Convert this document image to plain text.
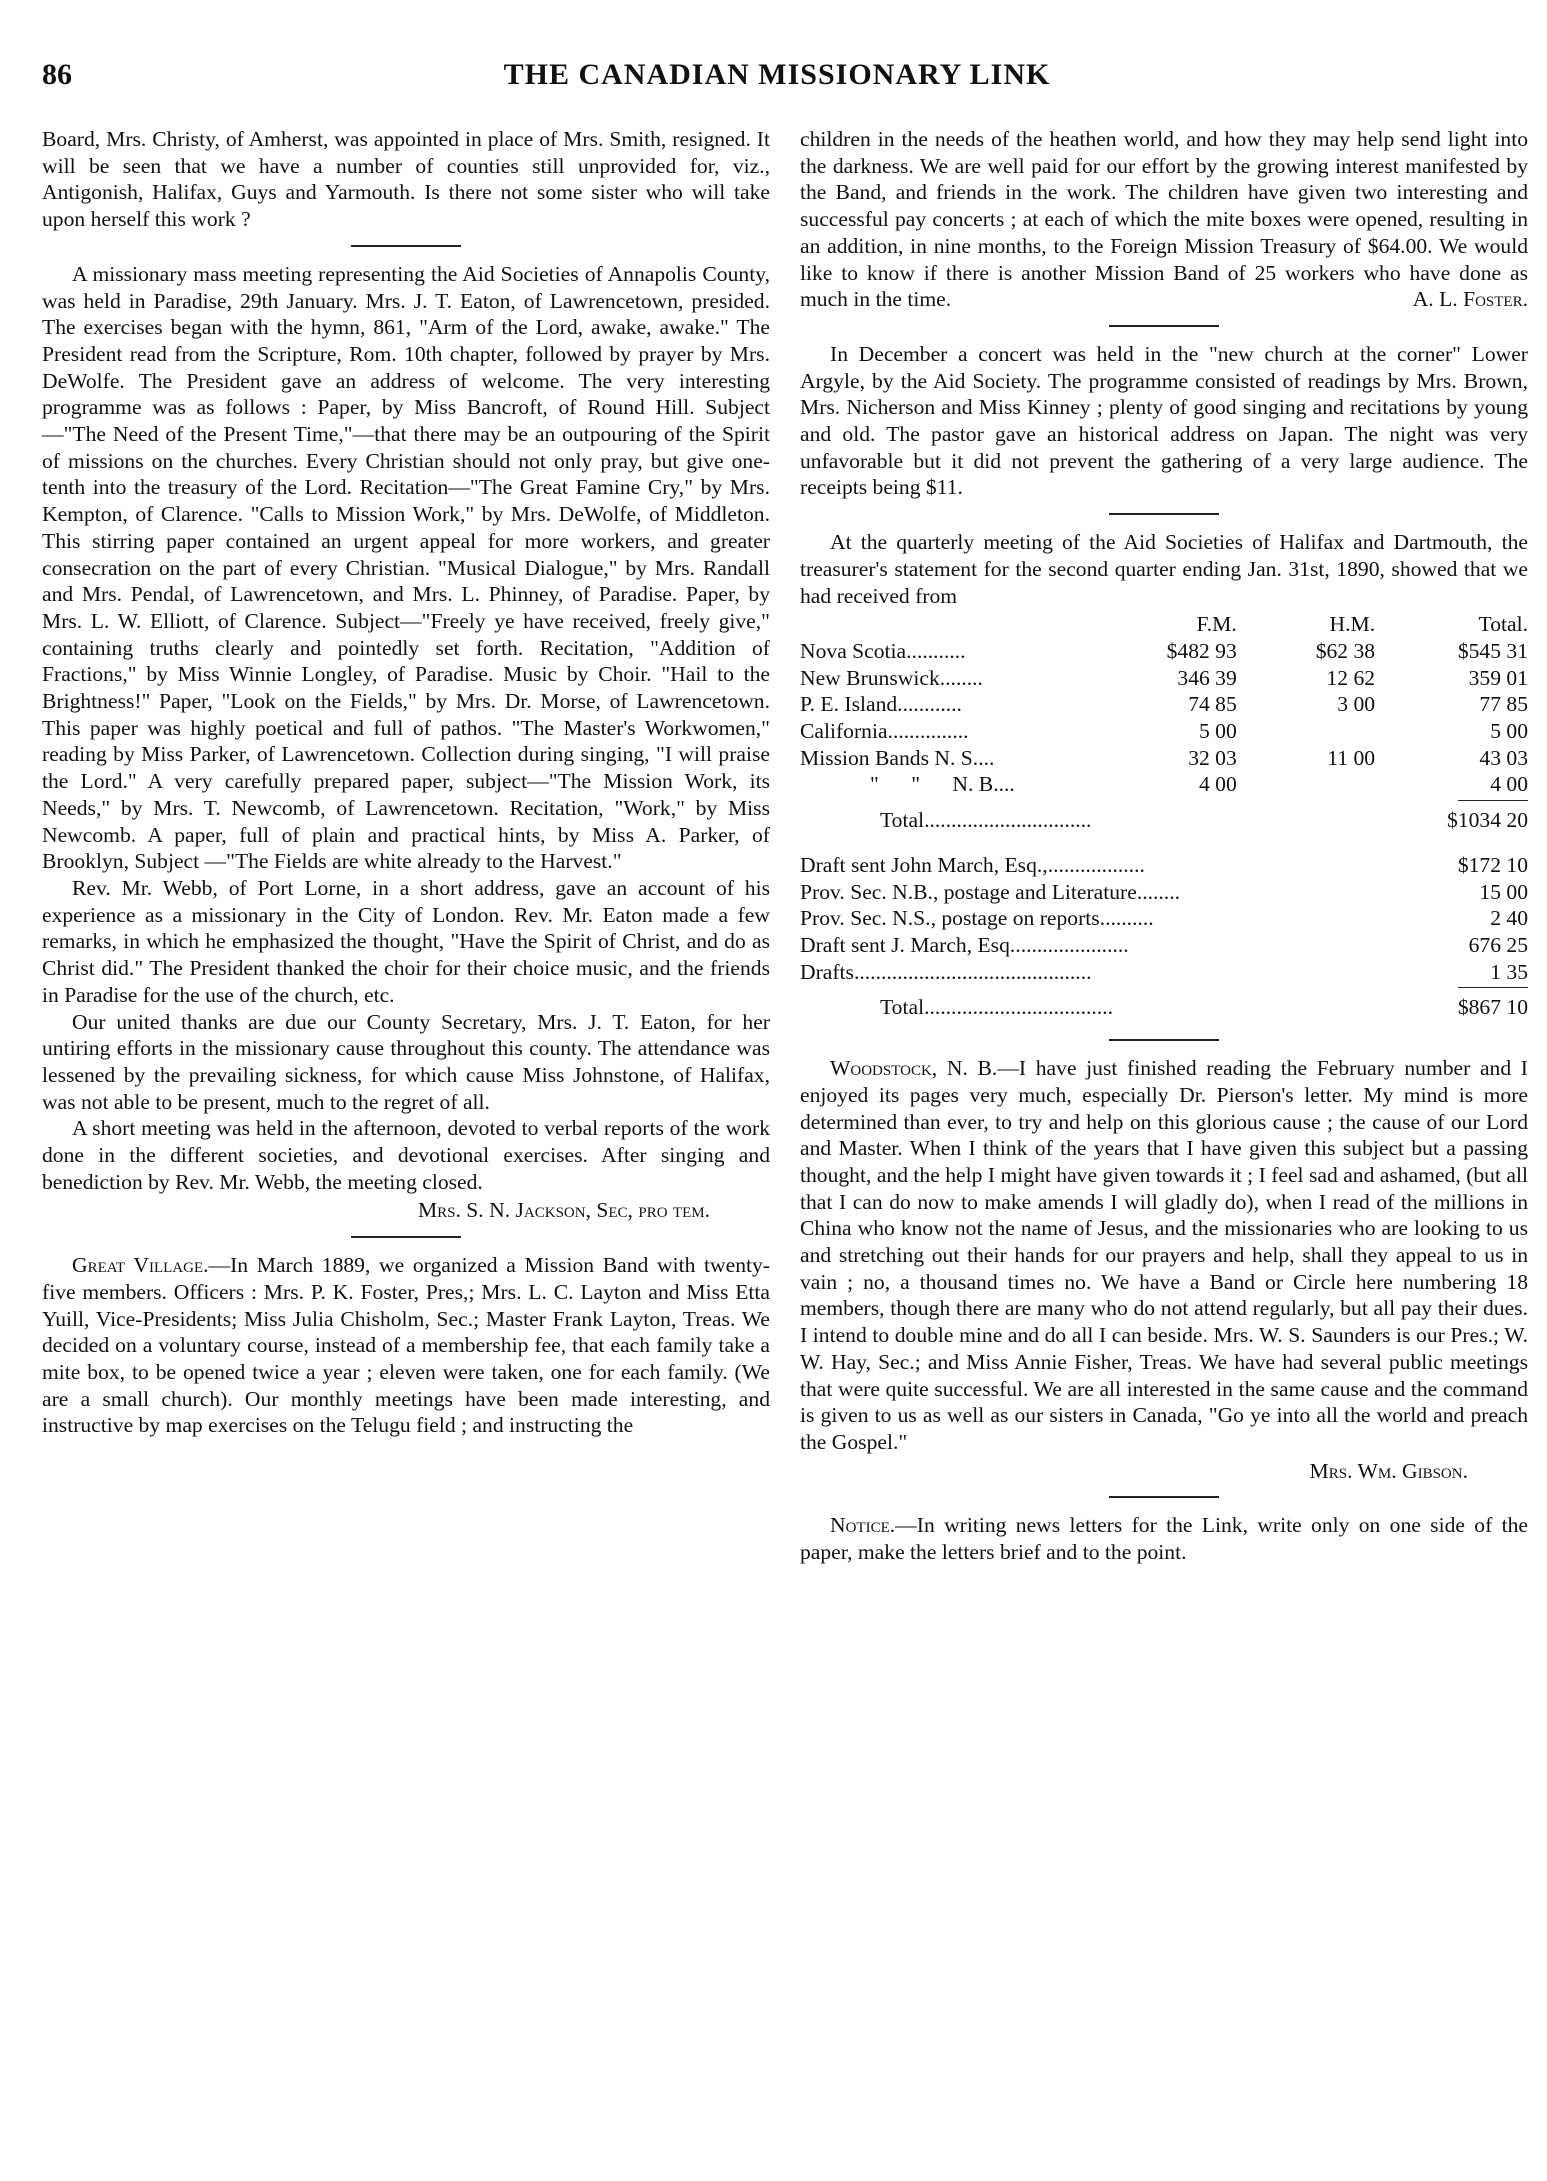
86	THE CANADIAN MISSIONARY LINK

Board, Mrs. Christy, of Amherst, was appointed in place of Mrs. Smith, resigned. It will be seen that we have a number of counties still unprovided for, viz., Antigonish, Halifax, Guys and Yarmouth. Is there not some sister who will take upon herself this work ?

A missionary mass meeting representing the Aid Societies of Annapolis County, was held in Paradise, 29th January. Mrs. J. T. Eaton, of Lawrencetown, presided. The exercises began with the hymn, 861, "Arm of the Lord, awake, awake." The President read from the Scripture, Rom. 10th chapter, followed by prayer by Mrs. DeWolfe. The President gave an address of welcome. The very interesting programme was as follows : Paper, by Miss Bancroft, of Round Hill. Subject—"The Need of the Present Time,"—that there may be an outpouring of the Spirit of missions on the churches. Every Christian should not only pray, but give one-tenth into the treasury of the Lord. Recitation—"The Great Famine Cry," by Mrs. Kempton, of Clarence. "Calls to Mission Work," by Mrs. DeWolfe, of Middleton. This stirring paper contained an urgent appeal for more workers, and greater consecration on the part of every Christian. "Musical Dialogue," by Mrs. Randall and Mrs. Pendal, of Lawrencetown, and Mrs. L. Phinney, of Paradise. Paper, by Mrs. L. W. Elliott, of Clarence. Subject—"Freely ye have received, freely give," containing truths clearly and pointedly set forth. Recitation, "Addition of Fractions," by Miss Winnie Longley, of Paradise. Music by Choir. "Hail to the Brightness!" Paper, "Look on the Fields," by Mrs. Dr. Morse, of Lawrencetown. This paper was highly poetical and full of pathos. "The Master's Workwomen," reading by Miss Parker, of Lawrencetown. Collection during singing, "I will praise the Lord." A very carefully prepared paper, subject—"The Mission Work, its Needs," by Mrs. T. Newcomb, of Lawrencetown. Recitation, "Work," by Miss Newcomb. A paper, full of plain and practical hints, by Miss A. Parker, of Brooklyn, Subject —"The Fields are white already to the Harvest."

Rev. Mr. Webb, of Port Lorne, in a short address, gave an account of his experience as a missionary in the City of London. Rev. Mr. Eaton made a few remarks, in which he emphasized the thought, "Have the Spirit of Christ, and do as Christ did." The President thanked the choir for their choice music, and the friends in Paradise for the use of the church, etc.

Our united thanks are due our County Secretary, Mrs. J. T. Eaton, for her untiring efforts in the missionary cause throughout this county. The attendance was lessened by the prevailing sickness, for which cause Miss Johnstone, of Halifax, was not able to be present, much to the regret of all.

A short meeting was held in the afternoon, devoted to verbal reports of the work done in the different societies, and devotional exercises. After singing and benediction by Rev. Mr. Webb, the meeting closed.

Mrs. S. N. Jackson, Sec, pro tem.

Great Village.—In March 1889, we organized a Mission Band with twenty-five members. Officers : Mrs. P. K. Foster, Pres,; Mrs. L. C. Layton and Miss Etta Yuill, Vice-Presidents; Miss Julia Chisholm, Sec.; Master Frank Layton, Treas. We decided on a voluntary course, instead of a membership fee, that each family take a mite box, to be opened twice a year ; eleven were taken, one for each family. (We are a small church). Our monthly meetings have been made interesting, and instructive by map exercises on the Telugu field ; and instructing the

children in the needs of the heathen world, and how they may help send light into the darkness. We are well paid for our effort by the growing interest manifested by the Band, and friends in the work. The children have given two interesting and successful pay concerts ; at each of which the mite boxes were opened, resulting in an addition, in nine months, to the Foreign Mission Treasury of $64.00. We would like to know if there is another Mission Band of 25 workers who have done as much in the time.	A. L. Foster.

In December a concert was held in the "new church at the corner" Lower Argyle, by the Aid Society. The programme consisted of readings by Mrs. Brown, Mrs. Nicherson and Miss Kinney ; plenty of good singing and recitations by young and old. The pastor gave an historical address on Japan. The night was very unfavorable but it did not prevent the gathering of a very large audience. The receipts being $11.

At the quarterly meeting of the Aid Societies of Halifax and Dartmouth, the treasurer's statement for the second quarter ending Jan. 31st, 1890, showed that we had received from

	F.M.	H.M.	Total.
Nova Scotia...........	$482 93	$62 38	$545 31
New Brunswick........	346 39	12 62	359 01
P. E. Island............	74 85	3 00	77 85
California...............	5 00		5 00
Mission Bands N. S....	32 03	11 00	43 03
"      "      N. B....	4 00		4 00
Total...............................	$1034 20
Draft sent John March, Esq.,..................	$172 10
Prov. Sec. N.B., postage and Literature........	15 00
Prov. Sec. N.S., postage on reports..........	2 40
Draft sent J. March, Esq......................	676 25
Drafts............................................	1 35
Total...................................	$867 10

Woodstock, N. B.—I have just finished reading the February number and I enjoyed its pages very much, especially Dr. Pierson's letter. My mind is more determined than ever, to try and help on this glorious cause ; the cause of our Lord and Master. When I think of the years that I have given this subject but a passing thought, and the help I might have given towards it ; I feel sad and ashamed, (but all that I can do now to make amends I will gladly do), when I read of the millions in China who know not the name of Jesus, and the missionaries who are looking to us and stretching out their hands for our prayers and help, shall they appeal to us in vain ; no, a thousand times no. We have a Band or Circle here numbering 18 members, though there are many who do not attend regularly, but all pay their dues. I intend to double mine and do all I can beside. Mrs. W. S. Saunders is our Pres.; W. W. Hay, Sec.; and Miss Annie Fisher, Treas. We have had several public meetings that were quite successful. We are all interested in the same cause and the command is given to us as well as our sisters in Canada, "Go ye into all the world and preach the Gospel."

Mrs. Wm. Gibson.

Notice.—In writing news letters for the Link, write only on one side of the paper, make the letters brief and to the point.
